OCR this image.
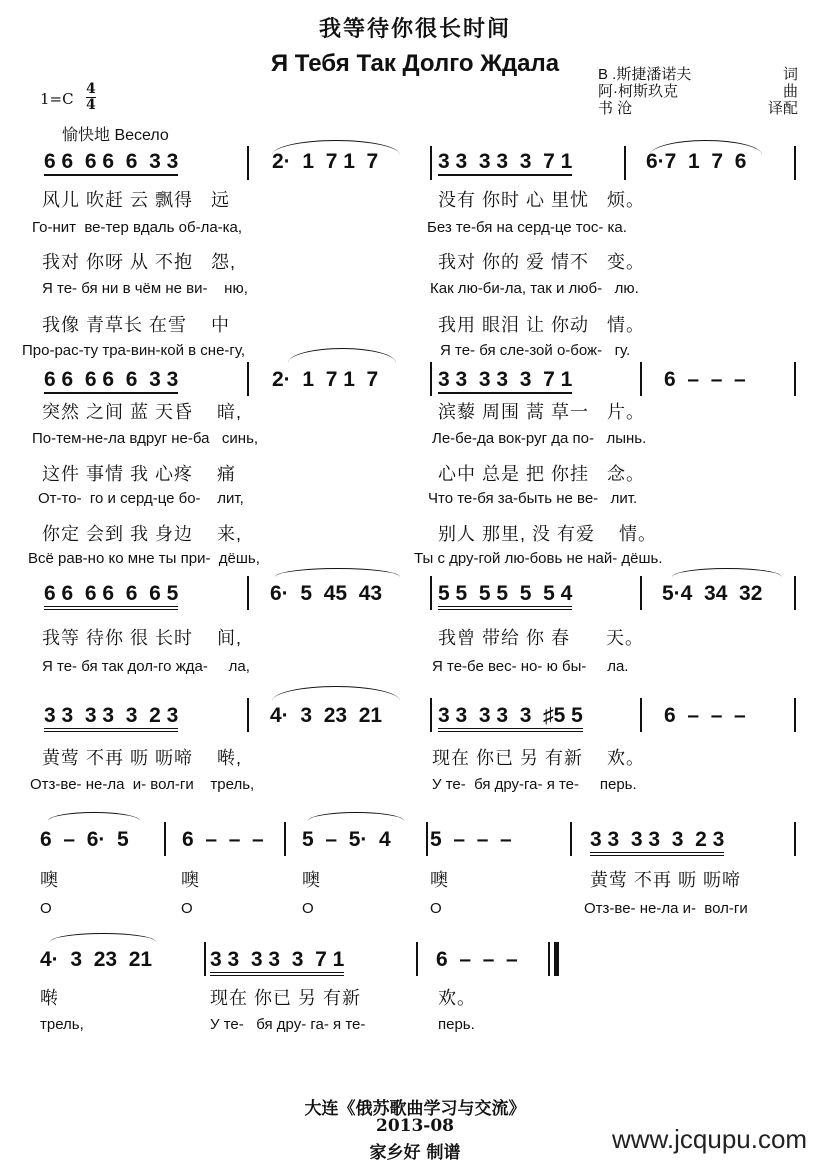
我等待你很长时间
Я Тебя Так Долго Ждала	В .斯捷潘诺夫	词
阿·柯斯玖克	曲
书 沧	译配
$1=C \frac{4}{4}$
愉快地 Весело
6 6  6 6  6  3 3	2·  1  7 1  7	3 3  3 3  3  7 1	6·7  1  7  6
风儿 吹赶 云 飘得   远	没有 你时 心 里忧   烦。
Го-нит  ве-тер вдаль об-ла-ка,	Без те-бя на серд-це тос- ка.
我对 你呀 从 不抱   怨,	我对 你的 爱 情不   变。
Я те- бя ни в чём не ви-    ню,	Как лю-би-ла, так и люб-   лю.
我像 青草长 在雪    中	我用 眼泪 让 你动   情。
Про-рас-ту тра-вин-кой в сне-гу,	Я те- бя сле-зой о-бож-   гу.
6 6  6 6  6  3 3	2·  1  7 1  7	3 3  3 3  3  7 1	6  –  –  –
突然 之间 蓝 天昏    暗,	滨藜 周围 蒿 草一   片。
По-тем-не-ла вдруг не-ба   синь,	Ле-бе-да вок-руг да по-   лынь.
这件 事情 我 心疼    痛	心中 总是 把 你挂   念。
От-то-  го и серд-це бо-    лит,	Что те-бя за-быть не ве-   лит.
你定 会到 我 身边    来,	别人 那里, 没 有爱    情。
Всё рав-но ко мне ты при-  дёшь,	Ты с дру-гой лю-бовь не най- дёшь.
6 6  6 6  6  6 5	6·  5  45  43	5 5  5 5  5  5 4	5·4  34  32
我等 待你 很 长时    间,	我曾 带给 你 春      天。
Я те- бя так дол-го жда-     ла,	Я те-бе вес- но- ю бы-     ла.
3 3  3 3  3  2 3	4·  3  23  21	3 3  3 3  3  ♯5 5	6  –  –  –
黄莺 不再 呖 呖啼    啭,	现在 你已 另 有新    欢。
Отз-ве- не-ла  и- вол-ги    трель,	У те-  бя дру-га- я те-     перь.
6  –  6·  5	6  –  –  – 5  –  5·  4 5  –  –  –	3 3  3 3  3  2 3
噢	噢	噢	噢	黄莺 不再 呖 呖啼
О	О	О	О	Отз-ве- не-ла и-  вол-ги
4·  3  23  21	3 3  3 3  3  7 1	6  –  –  –
啭	现在 你已 另 有新	欢。
трель,	У те-   бя дру- га- я те-	перь.
大连《俄苏歌曲学习与交流》
2013-08
家乡好 制谱	www.jcqupu.com
